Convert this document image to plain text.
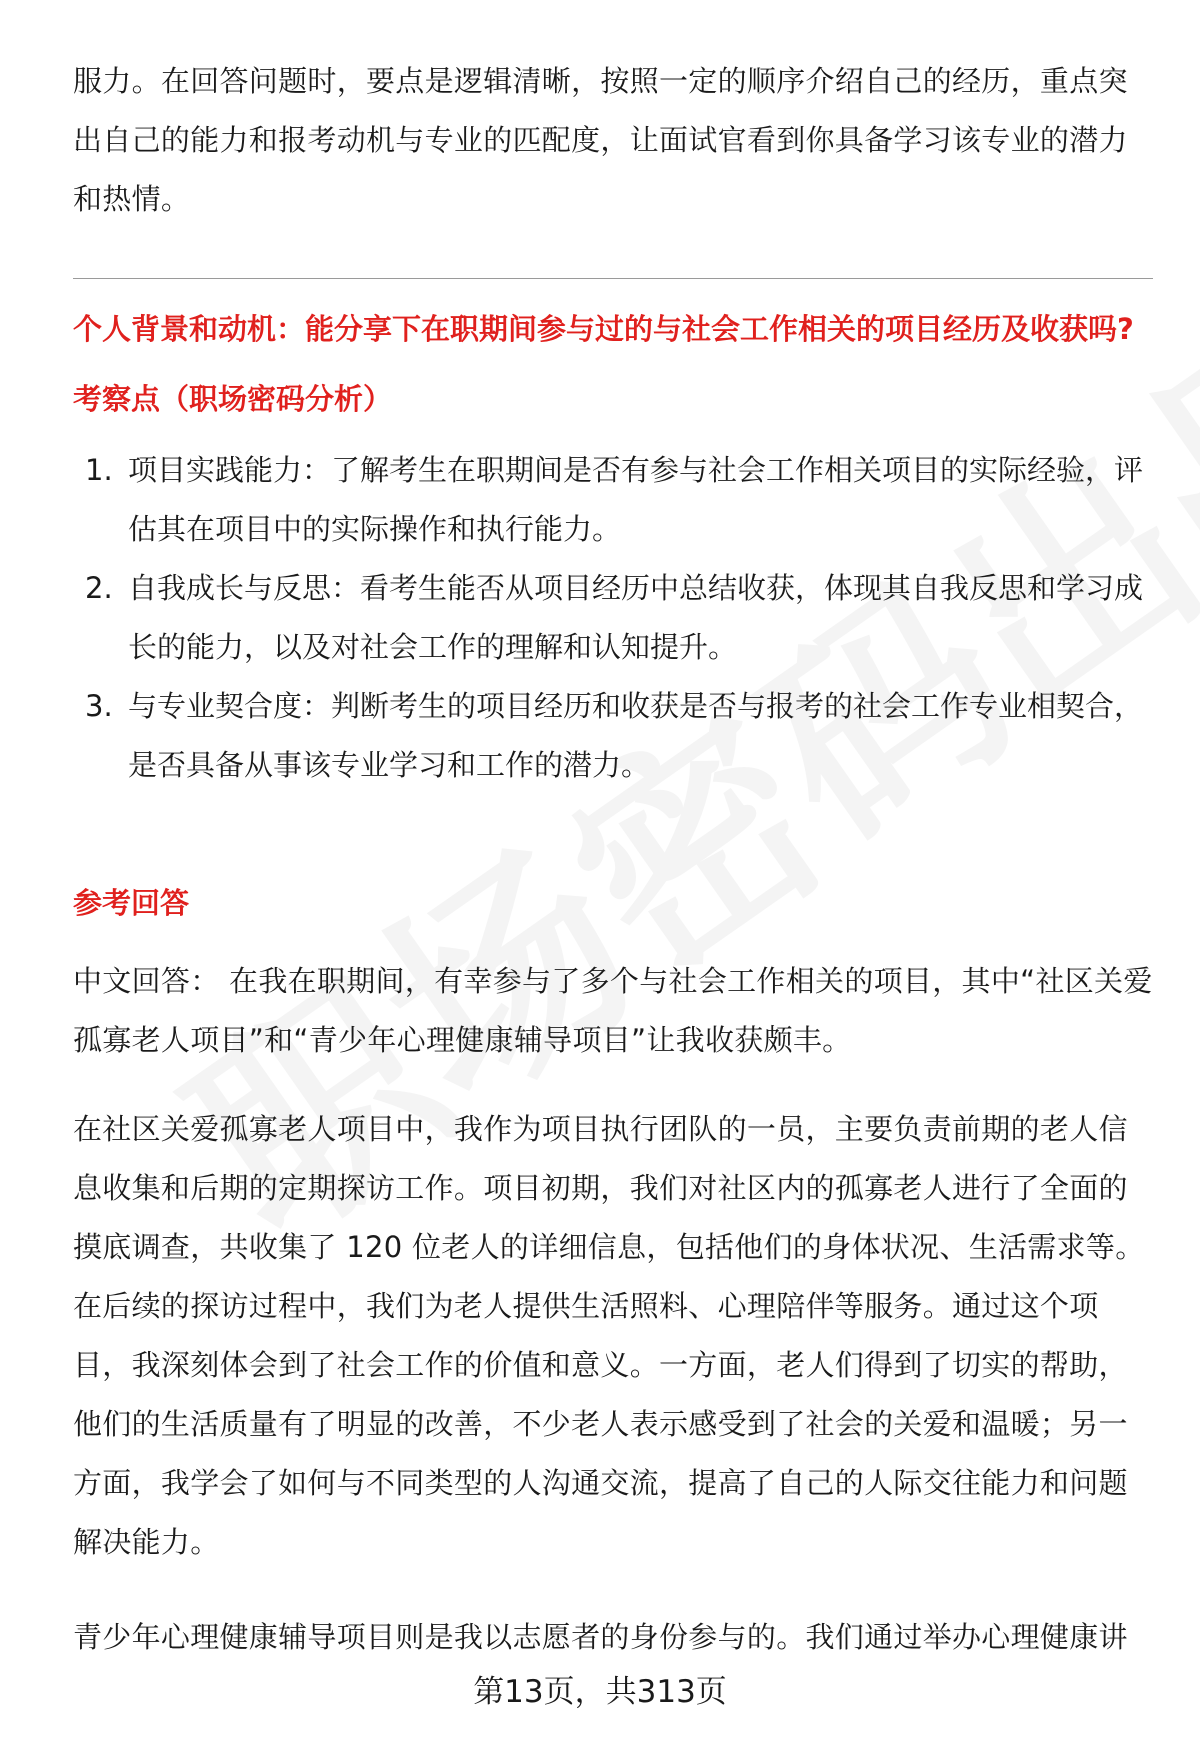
服力。在回答问题时，要点是逻辑清晰，按照一定的顺序介绍自己的经历，重点突出自己的能力和报考动机与专业的匹配度，让面试官看到你具备学习该专业的潜力和热情。

个人背景和动机：能分享下在职期间参与过的与社会工作相关的项目经历及收获吗?
考察点（职场密码分析）
1. 项目实践能力：了解考生在职期间是否有参与社会工作相关项目的实际经验，评估其在项目中的实际操作和执行能力。
2. 自我成长与反思：看考生能否从项目经历中总结收获，体现其自我反思和学习成长的能力，以及对社会工作的理解和认知提升。
3. 与专业契合度：判断考生的项目经历和收获是否与报考的社会工作专业相契合，是否具备从事该专业学习和工作的潜力。
参考回答

中文回答： 在我在职期间，有幸参与了多个与社会工作相关的项目，其中“社区关爱孤寡老人项目”和“青少年心理健康辅导项目”让我收获颇丰。

在社区关爱孤寡老人项目中，我作为项目执行团队的一员，主要负责前期的老人信息收集和后期的定期探访工作。项目初期，我们对社区内的孤寡老人进行了全面的摸底调查，共收集了 120 位老人的详细信息，包括他们的身体状况、生活需求等。在后续的探访过程中，我们为老人提供生活照料、心理陪伴等服务。通过这个项目，我深刻体会到了社会工作的价值和意义。一方面，老人们得到了切实的帮助，他们的生活质量有了明显的改善，不少老人表示感受到了社会的关爱和温暖；另一方面，我学会了如何与不同类型的人沟通交流，提高了自己的人际交往能力和问题解决能力。

青少年心理健康辅导项目则是我以志愿者的身份参与的。我们通过举办心理健康讲

第13页，共313页
